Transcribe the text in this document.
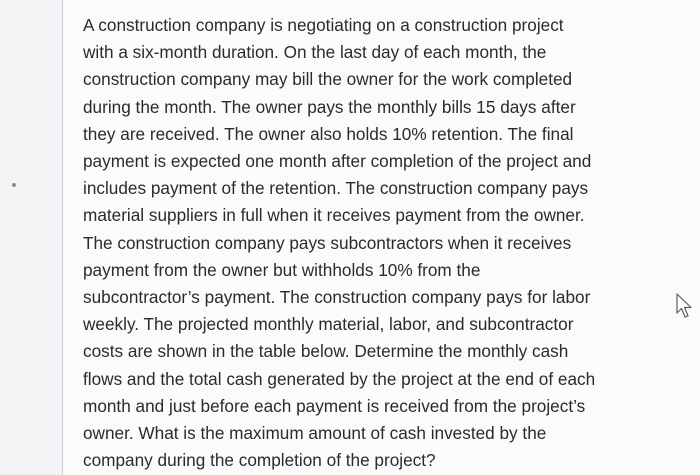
A construction company is negotiating on a construction project
with a six-month duration. On the last day of each month, the
construction company may bill the owner for the work completed
during the month. The owner pays the monthly bills 15 days after
they are received. The owner also holds 10% retention. The final
payment is expected one month after completion of the project and
includes payment of the retention. The construction company pays
material suppliers in full when it receives payment from the owner.
The construction company pays subcontractors when it receives
payment from the owner but withholds 10% from the
subcontractor’s payment. The construction company pays for labor
weekly. The projected monthly material, labor, and subcontractor
costs are shown in the table below. Determine the monthly cash
flows and the total cash generated by the project at the end of each
month and just before each payment is received from the project’s
owner. What is the maximum amount of cash invested by the
company during the completion of the project?
